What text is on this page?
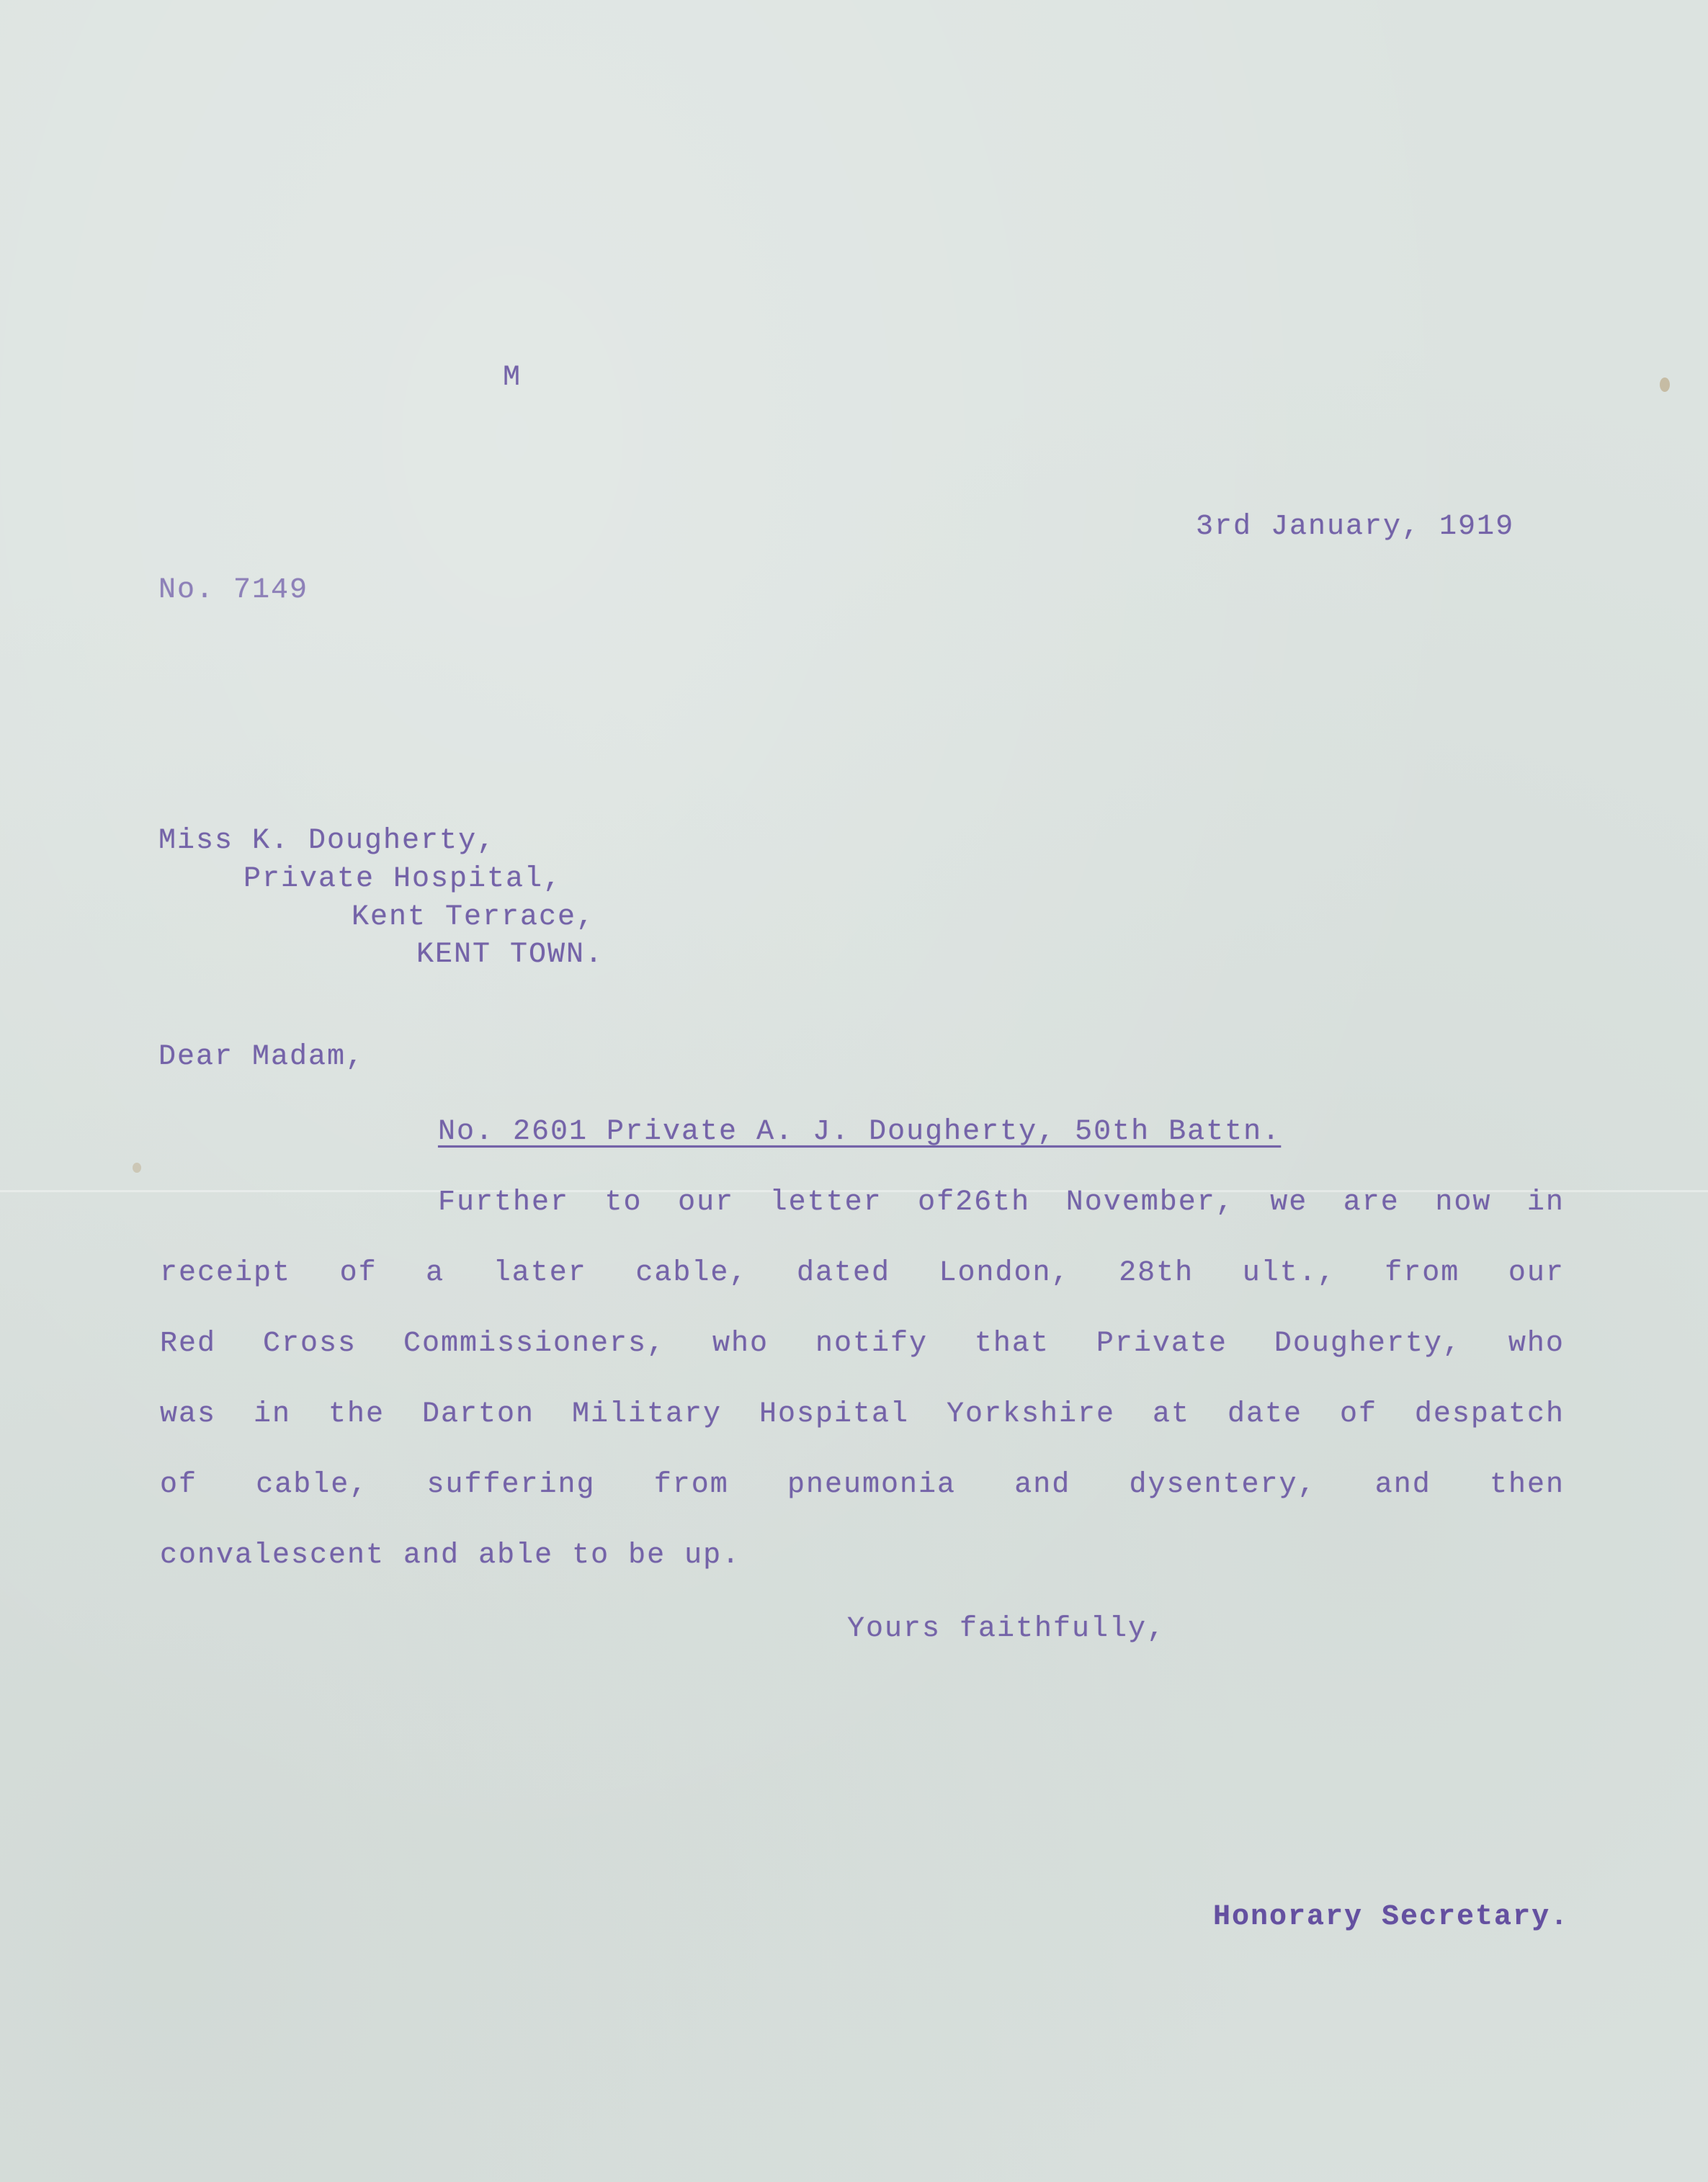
M
3rd January, 1919
No. 7149
Miss K. Dougherty,
Private Hospital,
Kent Terrace,
KENT TOWN.
Dear Madam,
No. 2601 Private A. J. Dougherty, 50th Battn.
Further to our letter of26th November, we are now in
receipt of a later cable, dated London, 28th ult., from our
Red Cross Commissioners, who notify that Private Dougherty, who
was in the Darton Military Hospital Yorkshire at date of despatch
of cable, suffering from pneumonia and dysentery, and then
convalescent and able to be up.
Yours faithfully,
Honorary Secretary.
